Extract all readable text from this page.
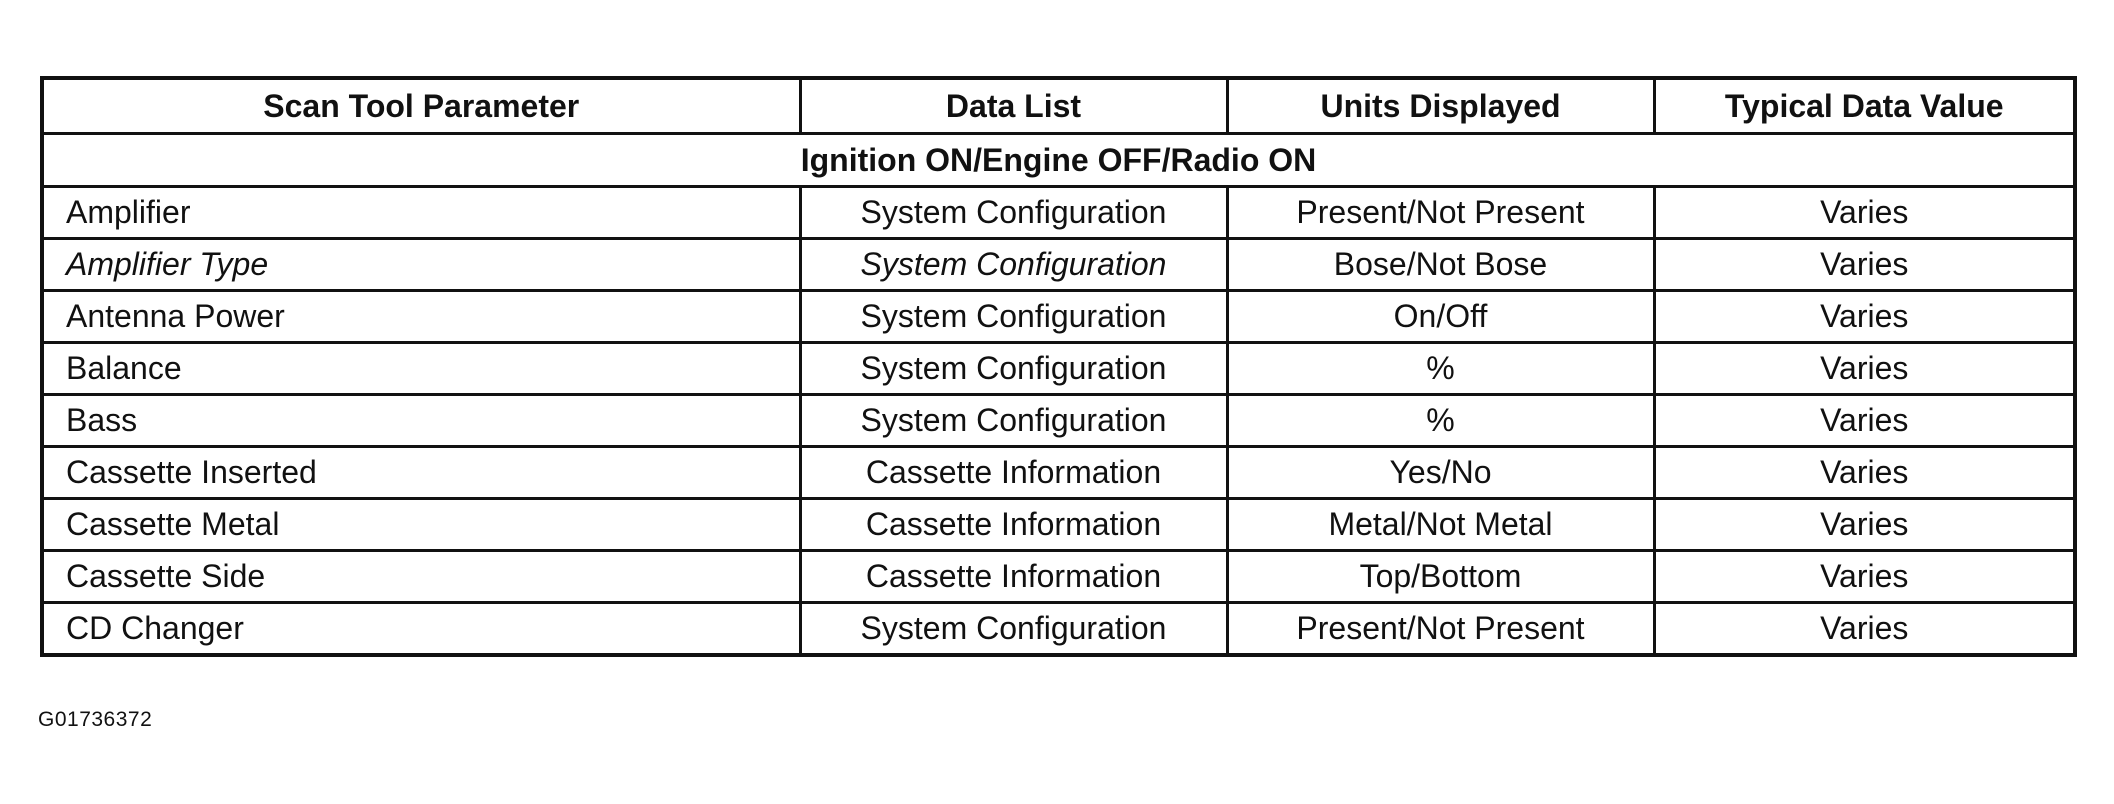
Scan Tool Parameter	Data List	Units Displayed	Typical Data Value
Ignition ON/Engine OFF/Radio ON			
Amplifier	System Configuration	Present/Not Present	Varies
Amplifier Type	System Configuration	Bose/Not Bose	Varies
Antenna Power	System Configuration	On/Off	Varies
Balance	System Configuration	%	Varies
Bass	System Configuration	%	Varies
Cassette Inserted	Cassette Information	Yes/No	Varies
Cassette Metal	Cassette Information	Metal/Not Metal	Varies
Cassette Side	Cassette Information	Top/Bottom	Varies
CD Changer	System Configuration	Present/Not Present	Varies
G01736372
